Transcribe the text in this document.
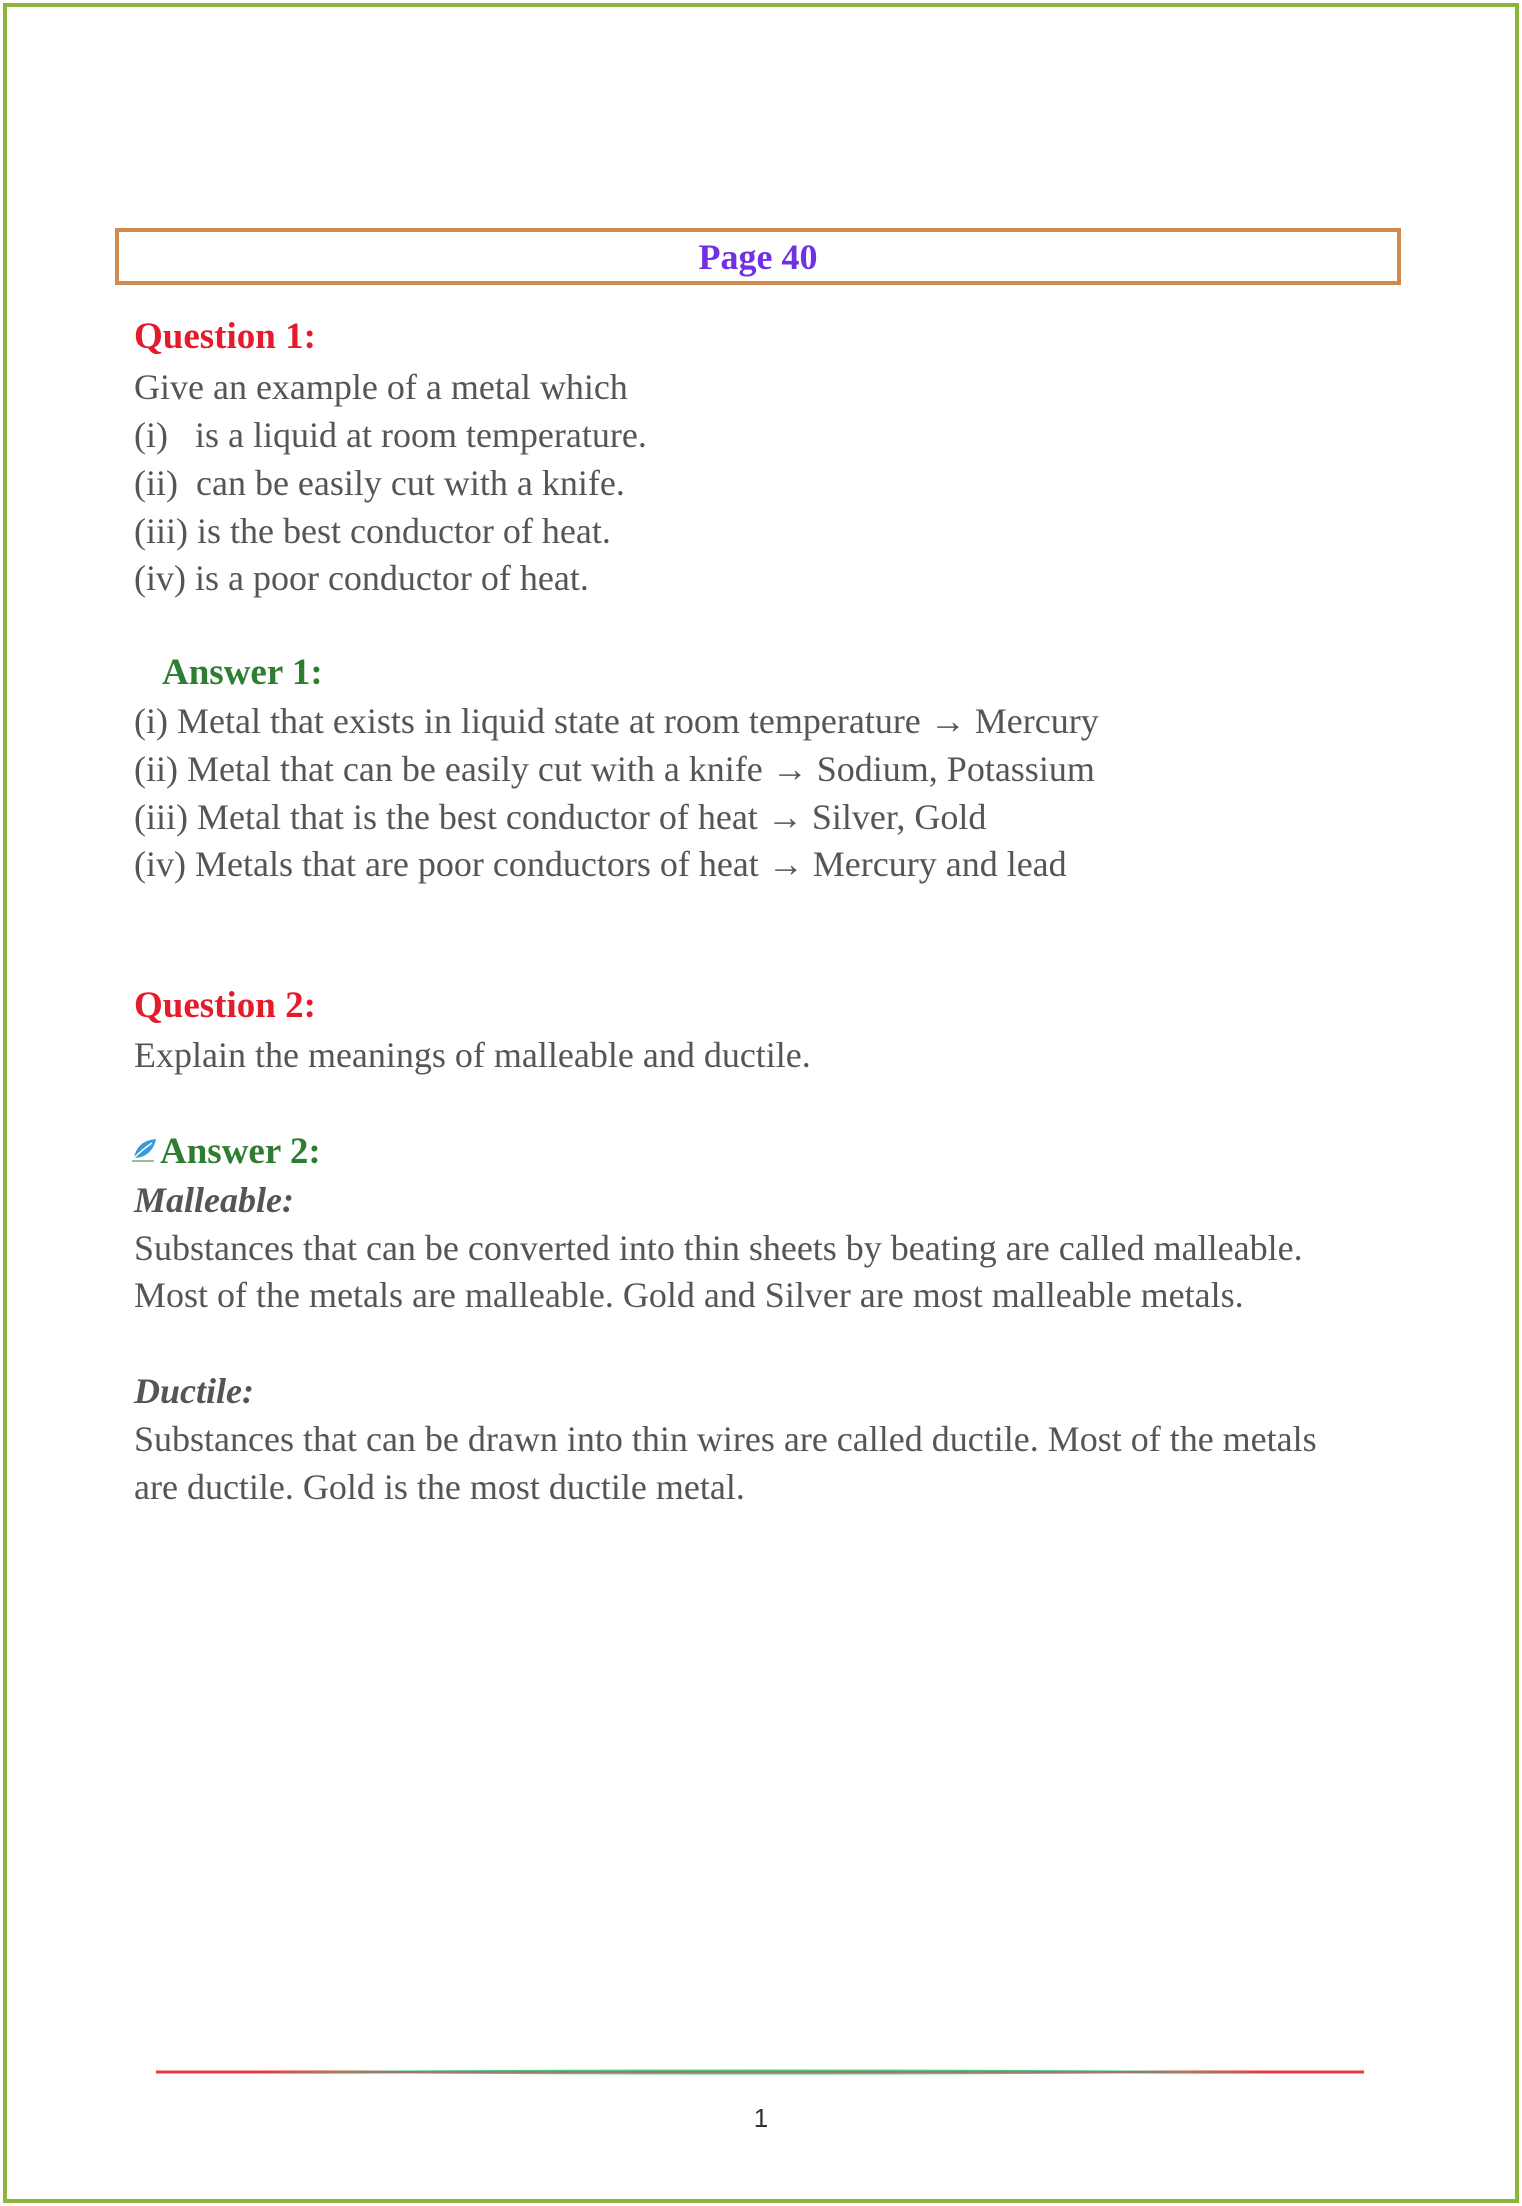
Page 40
Question 1:
Give an example of a metal which
(i)   is a liquid at room temperature.
(ii)  can be easily cut with a knife.
(iii) is the best conductor of heat.
(iv) is a poor conductor of heat.
Answer 1:
(i) Metal that exists in liquid state at room temperature → Mercury
(ii) Metal that can be easily cut with a knife → Sodium, Potassium
(iii) Metal that is the best conductor of heat → Silver, Gold
(iv) Metals that are poor conductors of heat → Mercury and lead
Question 2:
Explain the meanings of malleable and ductile.
Answer 2:
Malleable:
Substances that can be converted into thin sheets by beating are called malleable.
Most of the metals are malleable. Gold and Silver are most malleable metals.
Ductile:
Substances that can be drawn into thin wires are called ductile. Most of the metals
are ductile. Gold is the most ductile metal.
1
